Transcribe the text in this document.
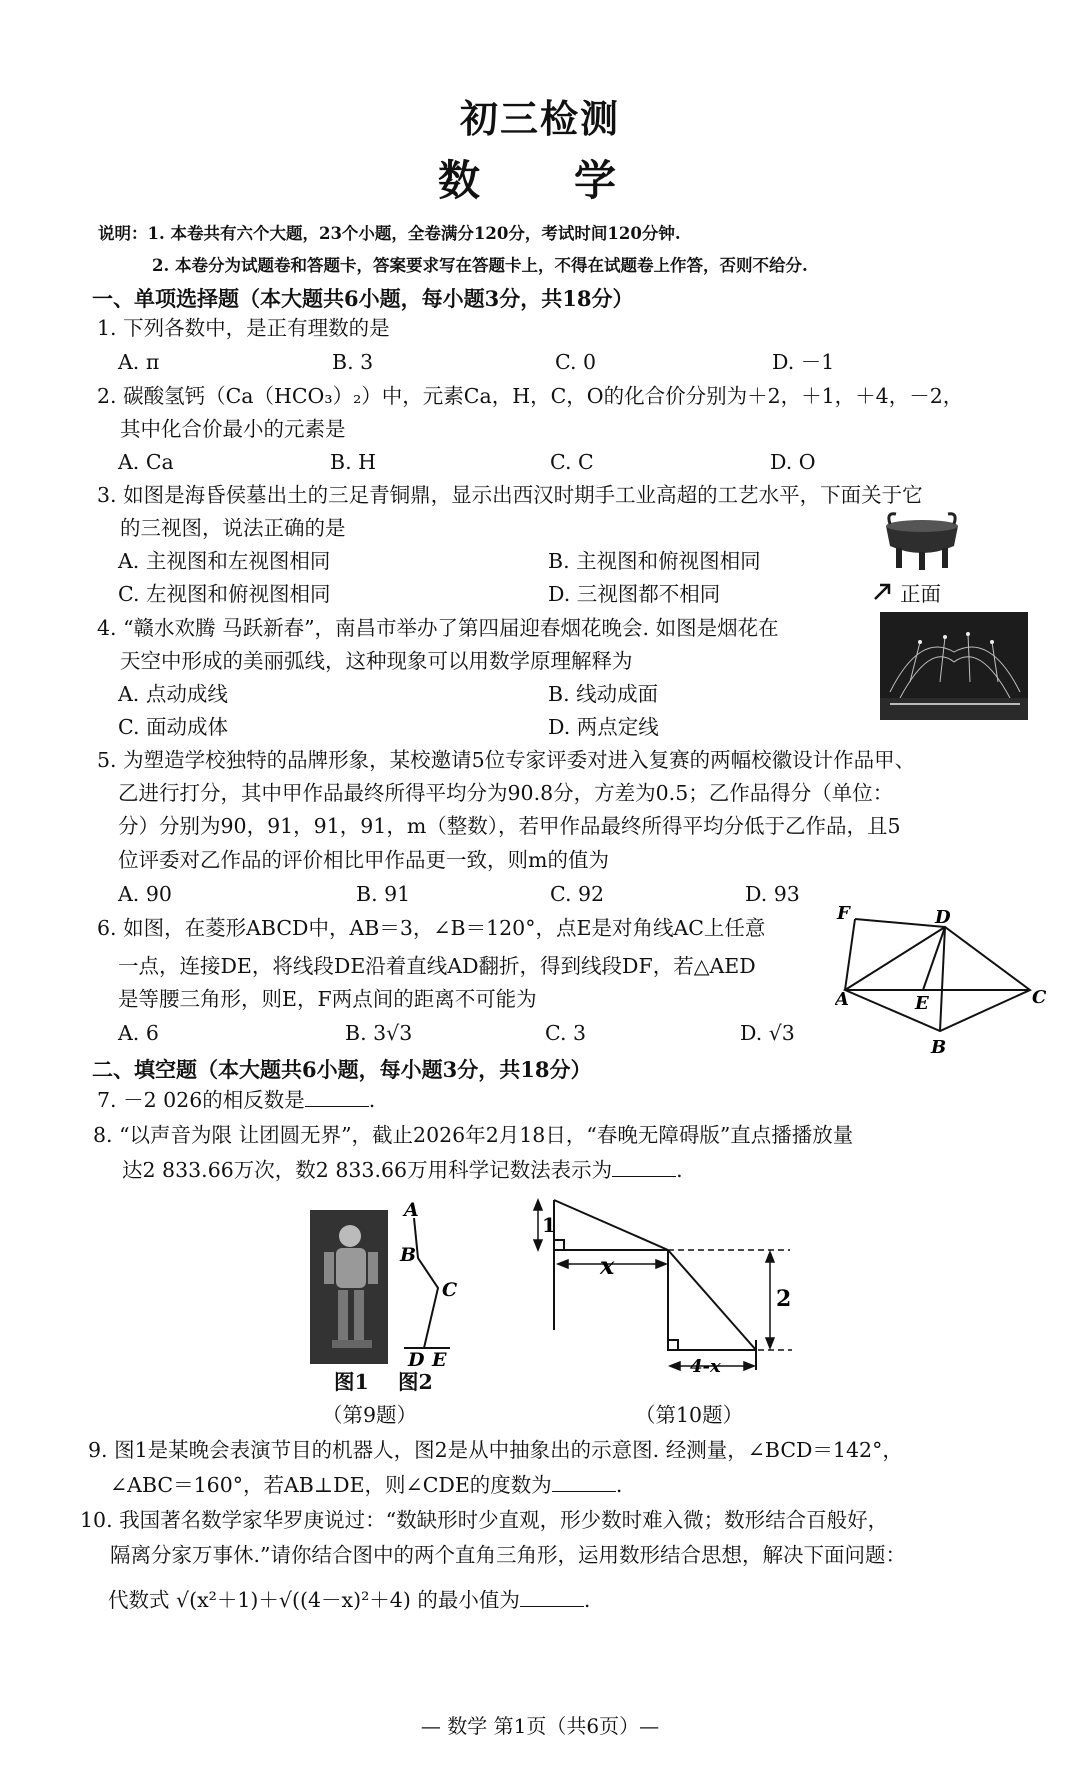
初三检测
数　学
说明：1. 本卷共有六个大题，23个小题，全卷满分120分，考试时间120分钟.
2. 本卷分为试题卷和答题卡，答案要求写在答题卡上，不得在试题卷上作答，否则不给分.
一、单项选择题（本大题共6小题，每小题3分，共18分）
1. 下列各数中，是正有理数的是
A. π	B. 3	C. 0	D. －1
2. 碳酸氢钙（Ca（HCO₃）₂）中，元素Ca，H，C，O的化合价分别为＋2，＋1，＋4，－2，
其中化合价最小的元素是
A. Ca	B. H	C. C	D. O
3. 如图是海昏侯墓出土的三足青铜鼎，显示出西汉时期手工业高超的工艺水平，下面关于它
的三视图，说法正确的是
A. 主视图和左视图相同	B. 主视图和俯视图相同
C. 左视图和俯视图相同	D. 三视图都不相同	正面
4. “赣水欢腾 马跃新春”，南昌市举办了第四届迎春烟花晚会. 如图是烟花在
天空中形成的美丽弧线，这种现象可以用数学原理解释为
A. 点动成线	B. 线动成面
C. 面动成体	D. 两点定线
5. 为塑造学校独特的品牌形象，某校邀请5位专家评委对进入复赛的两幅校徽设计作品甲、
乙进行打分，其中甲作品最终所得平均分为90.8分，方差为0.5；乙作品得分（单位：
分）分别为90，91，91，91，m（整数），若甲作品最终所得平均分低于乙作品，且5
位评委对乙作品的评价相比甲作品更一致，则m的值为
A. 90	B. 91	C. 92	D. 93
6. 如图，在菱形ABCD中，AB＝3，∠B＝120°，点E是对角线AC上任意
一点，连接DE，将线段DE沿着直线AD翻折，得到线段DF，若△AED
是等腰三角形，则E，F两点间的距离不可能为
A. 6	B. 3√3	C. 3	D. √3
F	D
A	E	C
B
二、填空题（本大题共6小题，每小题3分，共18分）
7. －2 026的相反数是	.
8. “以声音为限 让团圆无界”，截止2026年2月18日，“春晚无障碍版”直点播播放量
达2 833.66万次，数2 833.66万用科学记数法表示为	.
A
B
C
D E
图1 图2
（第9题）
1
x
2
4-x
（第10题）
9. 图1是某晚会表演节目的机器人，图2是从中抽象出的示意图. 经测量，∠BCD＝142°，
∠ABC＝160°，若AB⊥DE，则∠CDE的度数为	.
10. 我国著名数学家华罗庚说过：“数缺形时少直观，形少数时难入微；数形结合百般好，
隔离分家万事休.”请你结合图中的两个直角三角形，运用数形结合思想，解决下面问题：
代数式 √(x²＋1)＋√((4－x)²＋4) 的最小值为	.
— 数学 第1页（共6页）—
